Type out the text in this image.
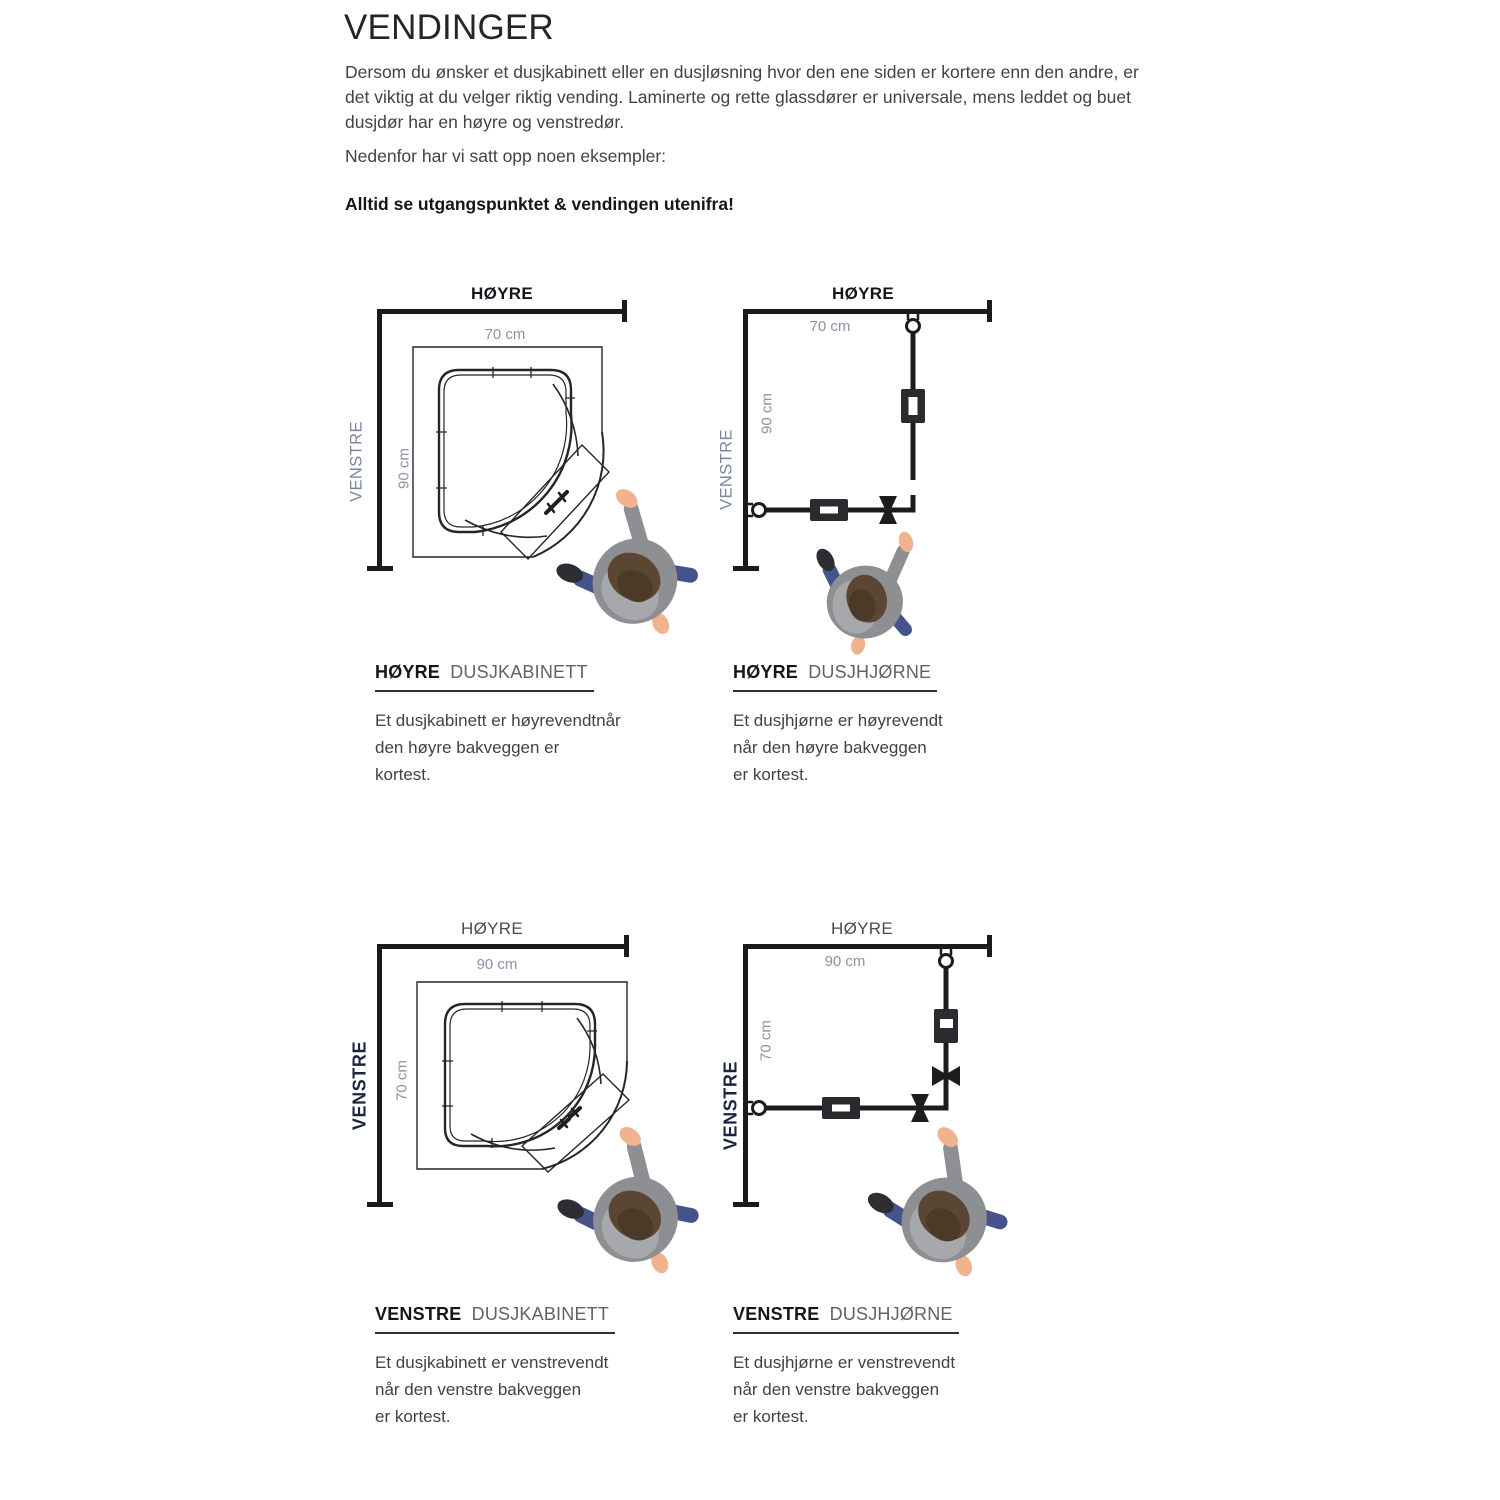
VENDINGER
Dersom du ønsker et dusjkabinett eller en dusjløsning hvor den ene siden er kortere enn den andre, er
det viktig at du velger riktig vending. Laminerte og rette glassdører er universale, mens leddet og buet
dusjdør har en høyre og venstredør.

Nedenfor har vi satt opp noen eksempler:

Alltid se utgangspunktet & vendingen utenifra!

HØYRE
VENSTRE
70 cm
90 cm
HØYRE
VENSTRE
70 cm
90 cm
HØYRE DUSJKABINETT
Et dusjkabinett er høyrevendtnår
den høyre bakveggen er
kortest.
HØYRE DUSJHJØRNE
Et dusjhjørne er høyrevendt
når den høyre bakveggen
er kortest.
HØYRE
VENSTRE
90 cm
70 cm
HØYRE
VENSTRE
90 cm
70 cm
VENSTRE DUSJKABINETT
Et dusjkabinett er venstrevendt
når den venstre bakveggen
er kortest.
VENSTRE DUSJHJØRNE
Et dusjhjørne er venstrevendt
når den venstre bakveggen
er kortest.
